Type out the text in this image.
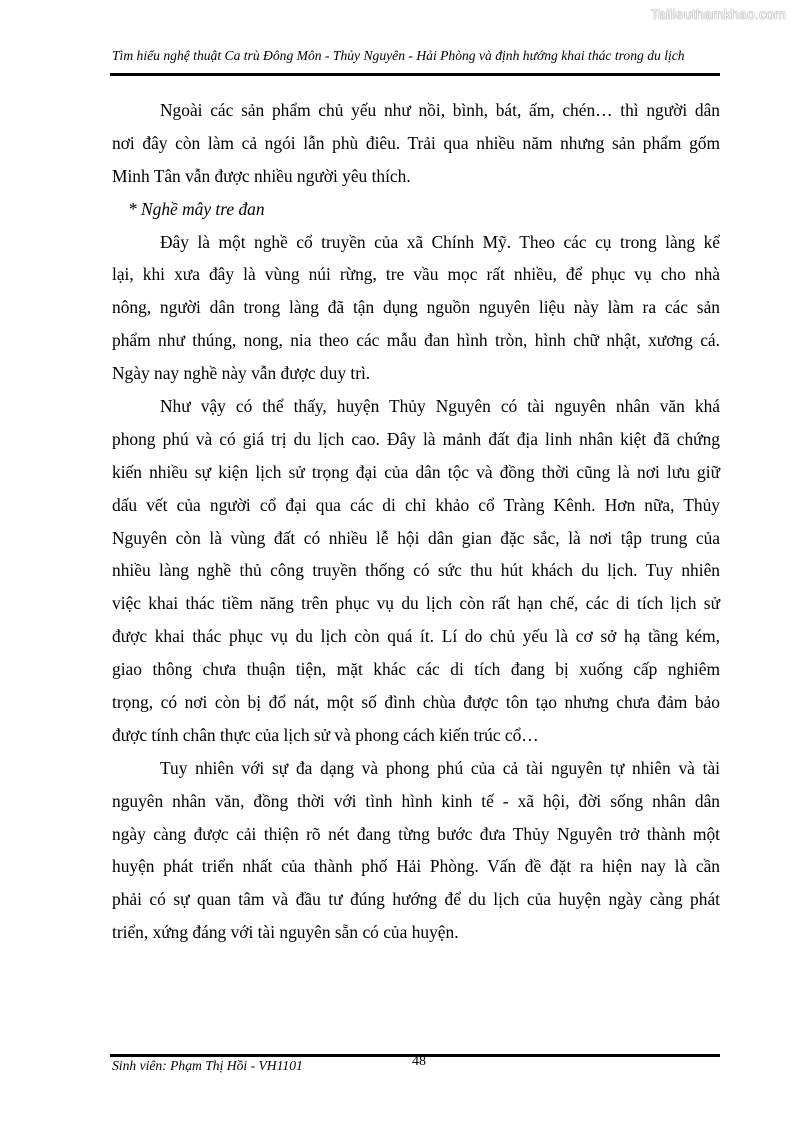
Tailieuthamkhao.com
Tìm hiểu nghệ thuật Ca trù Đông Môn - Thủy Nguyên - Hải Phòng và định hướng khai thác trong du lịch
Ngoài các sản phẩm chủ yếu như nồi, bình, bát, ấm, chén… thì người dân
nơi đây còn làm cả ngói lẫn phù điêu. Trải qua nhiều năm nhưng sản phẩm gốm
Minh Tân vẫn được nhiều người yêu thích.
* Nghề mây tre đan
Đây là một nghề cổ truyền của xã Chính Mỹ. Theo các cụ trong làng kể
lại, khi xưa đây là vùng núi rừng, tre vầu mọc rất nhiều, để phục vụ cho nhà
nông, người dân trong làng đã tận dụng nguồn nguyên liệu này làm ra các sản
phẩm như thúng, nong, nia theo các mẫu đan hình tròn, hình chữ nhật, xương cá.
Ngày nay nghề này vẫn được duy trì.
Như vậy có thể thấy, huyện Thủy Nguyên có tài nguyên nhân văn khá
phong phú và có giá trị du lịch cao. Đây là mảnh đất địa linh nhân kiệt đã chứng
kiến nhiều sự kiện lịch sử trọng đại của dân tộc và đồng thời cũng là nơi lưu giữ
dấu vết của người cổ đại qua các di chỉ khảo cổ Tràng Kênh. Hơn nữa, Thủy
Nguyên còn là vùng đất có nhiều lễ hội dân gian đặc sắc, là nơi tập trung của
nhiều làng nghề thủ công truyền thống có sức thu hút khách du lịch. Tuy nhiên
việc khai thác tiềm năng trên phục vụ du lịch còn rất hạn chế, các di tích lịch sử
được khai thác phục vụ du lịch còn quá ít. Lí do chủ yếu là cơ sở hạ tầng kém,
giao thông chưa thuận tiện, mặt khác các di tích đang bị xuống cấp nghiêm
trọng, có nơi còn bị đổ nát, một số đình chùa được tôn tạo nhưng chưa đảm bảo
được tính chân thực của lịch sử và phong cách kiến trúc cổ…
Tuy nhiên với sự đa dạng và phong phú của cả tài nguyên tự nhiên và tài
nguyên nhân văn, đồng thời với tình hình kinh tế - xã hội, đời sống nhân dân
ngày càng được cải thiện rõ nét đang từng bước đưa Thủy Nguyên trở thành một
huyện phát triển nhất của thành phố Hải Phòng. Vấn đề đặt ra hiện nay là cần
phải có sự quan tâm và đầu tư đúng hướng để du lịch của huyện ngày càng phát
triển, xứng đáng với tài nguyên sẵn có của huyện.
Sinh viên: Phạm Thị Hồi - VH1101	48
